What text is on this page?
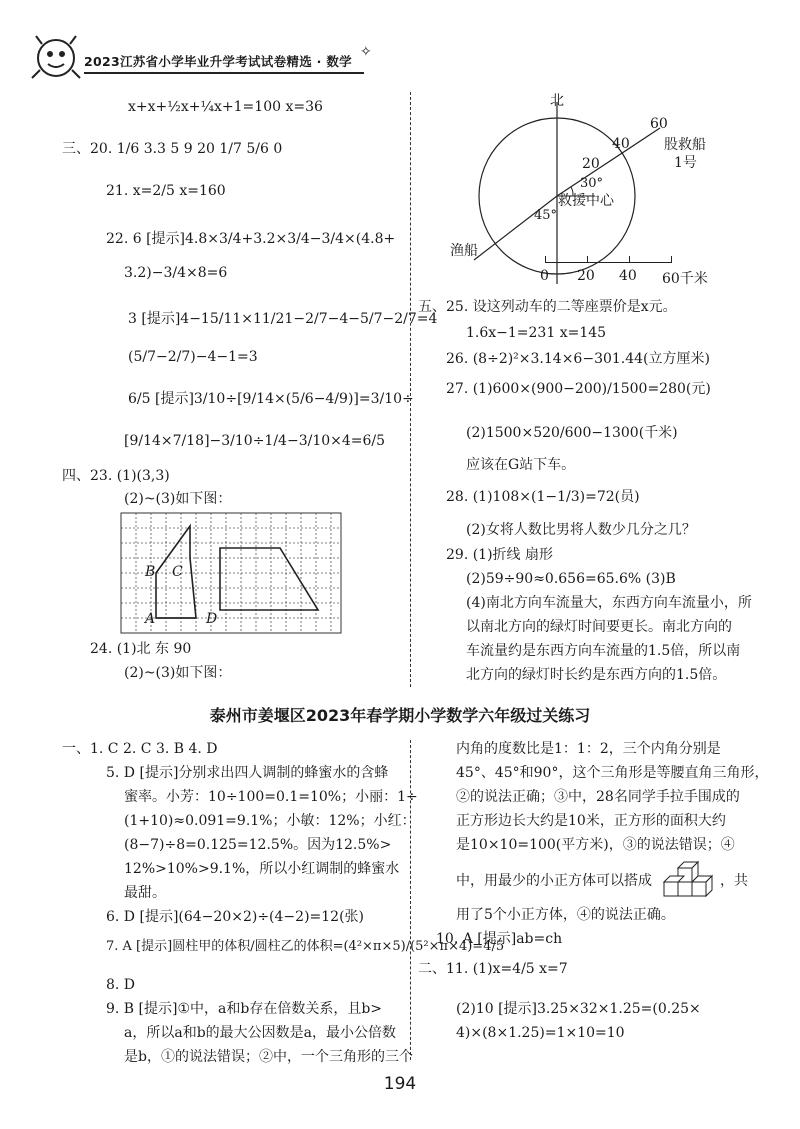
2023江苏省小学毕业升学考试试卷精选 · 数学
✧
x+x+½x+¼x+1=100 x=36
三、20. 1/6 3.3 5 9 20 1/7 5/6 0
21. x=2/5 x=160
22. 6 [提示]4.8×3/4+3.2×3/4−3/4×(4.8+
3.2)−3/4×8=6
3 [提示]4−15/11×11/21−2/7−4−5/7−2/7=4
(5/7−2/7)−4−1=3
6/5 [提示]3/10÷[9/14×(5/6−4/9)]=3/10÷
[9/14×7/18]−3/10÷1/4−3/10×4=6/5
四、23. (1)(3,3)
(2)~(3)如下图：
B C
A	D
24. (1)北 东 90
(2)~(3)如下图：
北
60
40
20
股救船
1号
30°
救援中心
45°
渔船
0 20 40 60千米
五、25. 设这列动车的二等座票价是x元。
1.6x−1=231 x=145
26. (8÷2)²×3.14×6−301.44(立方厘米)
27. (1)600×(900−200)/1500=280(元)
(2)1500×520/600−1300(千米)
应该在G站下车。
28. (1)108×(1−1/3)=72(员)
(2)女将人数比男将人数少几分之几？
29. (1)折线 扇形
(2)59÷90≈0.656=65.6% (3)B
(4)南北方向车流量大，东西方向车流量小，所
以南北方向的绿灯时间要更长。南北方向的
车流量约是东西方向车流量的1.5倍，所以南
北方向的绿灯时长约是东西方向的1.5倍。
泰州市姜堰区2023年春学期小学数学六年级过关练习
一、1. C 2. C 3. B 4. D
5. D [提示]分别求出四人调制的蜂蜜水的含蜂
蜜率。小芳：10÷100=0.1=10%；小丽：1÷
(1+10)≈0.091=9.1%；小敏：12%；小红：
(8−7)÷8=0.125=12.5%。因为12.5%>
12%>10%>9.1%，所以小红调制的蜂蜜水
最甜。
6. D [提示](64−20×2)÷(4−2)=12(张)
7. A [提示]圆柱甲的体积/圆柱乙的体积=(4²×π×5)/(5²×π×4)=4/5
8. D
9. B [提示]①中，a和b存在倍数关系，且b>
a，所以a和b的最大公因数是a，最小公倍数
是b，①的说法错误；②中，一个三角形的三个
内角的度数比是1：1：2，三个内角分别是
45°、45°和90°，这个三角形是等腰直角三角形，
②的说法正确；③中，28名同学手拉手围成的
正方形边长大约是10米，正方形的面积大约
是10×10=100(平方米)，③的说法错误；④
中，用最少的小正方体可以搭成	，共
用了5个小正方体，④的说法正确。
10. A [提示]ab=ch
二、11. (1)x=4/5 x=7
(2)10 [提示]3.25×32×1.25=(0.25×
4)×(8×1.25)=1×10=10
194
